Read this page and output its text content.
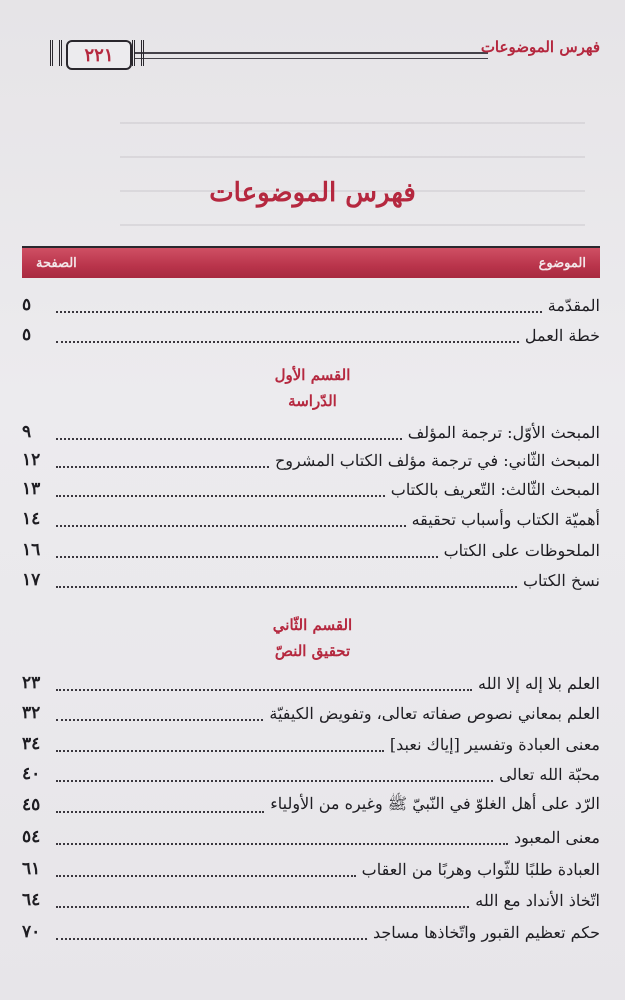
٢٢١	فهرس الموضوعات
فهرس الموضوعات
الموضوع
الصفحة
المقدّمة
٥
خطة العمل
٥
القسم الأول
الدّراسة
المبحث الأوّل: ترجمة المؤلف
٩
المبحث الثّاني: في ترجمة مؤلف الكتاب المشروح
١٢
المبحث الثّالث: التّعريف بالكتاب
١٣
أهميّة الكتاب وأسباب تحقيقه
١٤
الملحوظات على الكتاب
١٦
نسخ الكتاب
١٧
القسم الثّاني
تحقيق النصّ
العلم بلا إله إلا الله
٢٣
العلم بمعاني نصوص صفاته تعالى، وتفويض الكيفيّة
٣٢
معنى العبادة وتفسير [إياك نعبد]
٣٤
محبّة الله تعالى
٤٠
الرّد على أهل الغلوّ في النّبيّ ﷺ وغيره من الأولياء
٤٥
معنى المعبود
٥٤
العبادة طلبًا للثّواب وهربًا من العقاب
٦١
اتّخاذ الأنداد مع الله
٦٤
حكم تعظيم القبور واتّخاذها مساجد
٧٠
